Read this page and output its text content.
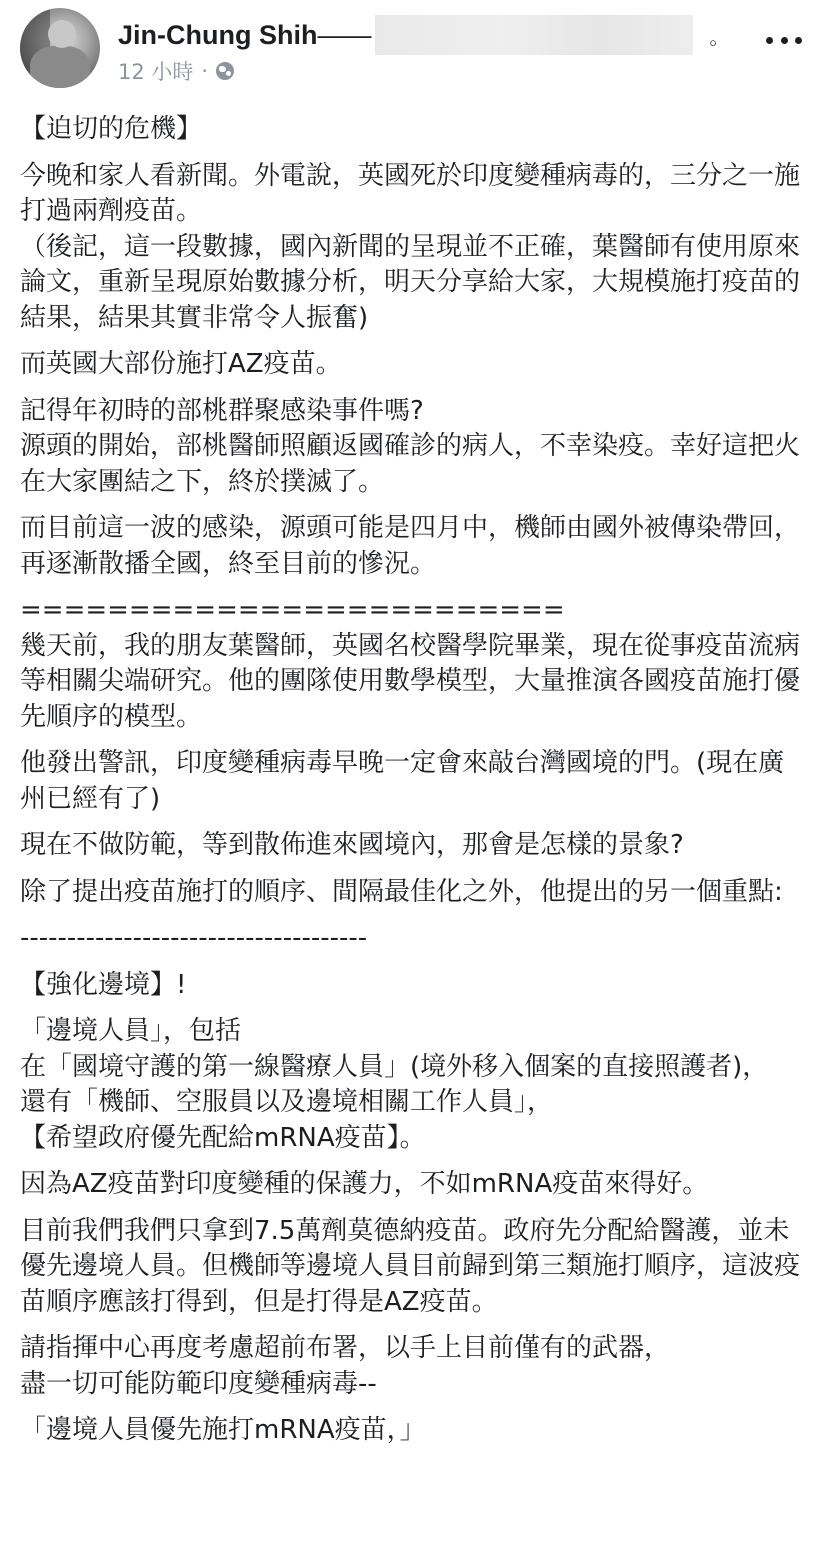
Jin-Chung Shih ——	。
12 小時 ·

【迫切的危機】

今晚和家人看新聞。外電說，英國死於印度變種病毒的，三分之一施打過兩劑疫苗。
（後記，這一段數據，國內新聞的呈現並不正確，葉醫師有使用原來論文，重新呈現原始數據分析，明天分享給大家，大規模施打疫苗的結果，結果其實非常令人振奮)

而英國大部份施打AZ疫苗。

記得年初時的部桃群聚感染事件嗎?
源頭的開始，部桃醫師照顧返國確診的病人，不幸染疫。幸好這把火在大家團結之下，終於撲滅了。

而目前這一波的感染，源頭可能是四月中，機師由國外被傳染帶回，再逐漸散播全國，終至目前的慘況。

=========================
幾天前，我的朋友葉醫師，英國名校醫學院畢業，現在從事疫苗流病等相關尖端研究。他的團隊使用數學模型，大量推演各國疫苗施打優先順序的模型。

他發出警訊，印度變種病毒早晚一定會來敲台灣國境的門。(現在廣州已經有了)

現在不做防範，等到散佈進來國境內，那會是怎樣的景象?

除了提出疫苗施打的順序、間隔最佳化之外，他提出的另一個重點:

-------------------------------------

【強化邊境】!

「邊境人員」，包括
在「國境守護的第一線醫療人員」(境外移入個案的直接照護者)，
還有「機師、空服員以及邊境相關工作人員」，
【希望政府優先配給mRNA疫苗】。

因為AZ疫苗對印度變種的保護力，不如mRNA疫苗來得好。

目前我們我們只拿到7.5萬劑莫德納疫苗。政府先分配給醫護，並未優先邊境人員。但機師等邊境人員目前歸到第三類施打順序，這波疫苗順序應該打得到，但是打得是AZ疫苗。

請指揮中心再度考慮超前布署，以手上目前僅有的武器，
盡一切可能防範印度變種病毒--

「邊境人員優先施打mRNA疫苗，」
